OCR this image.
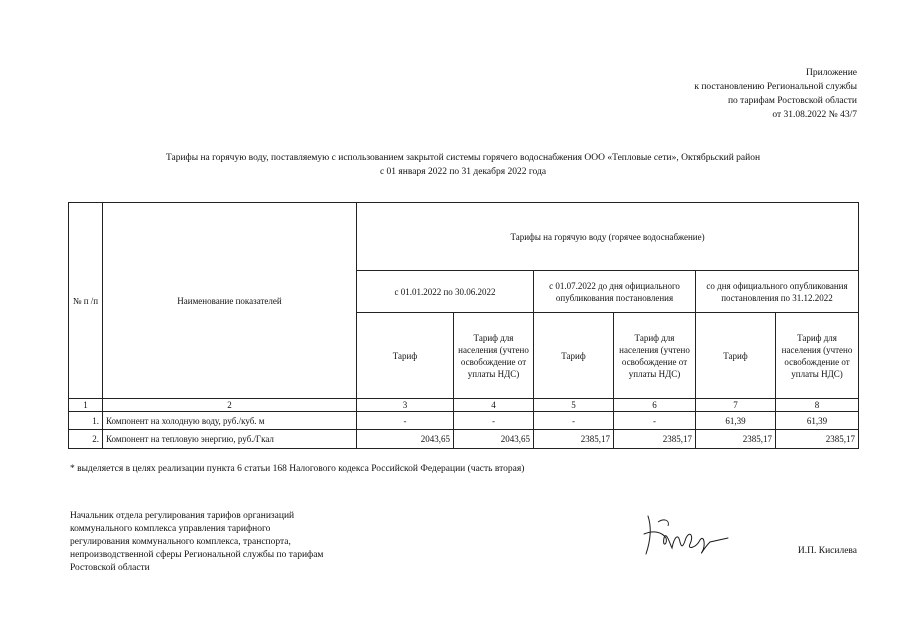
Приложение
к постановлению Региональной службы
по тарифам Ростовской области
от 31.08.2022 № 43/7
Тарифы на горячую воду, поставляемую с использованием закрытой системы горячего водоснабжения ООО «Тепловые сети», Октябрьский район
с 01 января 2022 по 31 декабря 2022 года
№ п /п	Наименование показателей	Тарифы на горячую воду (горячее водоснабжение)					
		с 01.01.2022 по 30.06.2022		с 01.07.2022 до дня официального опубликования постановления		со дня официального опубликования постановления по 31.12.2022	
		Тариф	Тариф для населения (учтено освобождение от уплаты НДС)	Тариф	Тариф для населения (учтено освобождение от уплаты НДС)	Тариф	Тариф для населения (учтено освобождение от уплаты НДС)
1	2	3	4	5	6	7	8
1.	Компонент на холодную воду, руб./куб. м	-	-	-	-	61,39	61,39
2.	Компонент на тепловую энергию, руб./Гкал	2043,65	2043,65	2385,17	2385,17	2385,17	2385,17
* выделяется в целях реализации пункта 6 статьи 168 Налогового кодекса Российской Федерации (часть вторая)
Начальник отдела регулирования тарифов организаций
коммунального комплекса управления тарифного
регулирования коммунального комплекса, транспорта,
непроизводственной сферы Региональной службы по тарифам
Ростовской области
И.П. Кисилева
